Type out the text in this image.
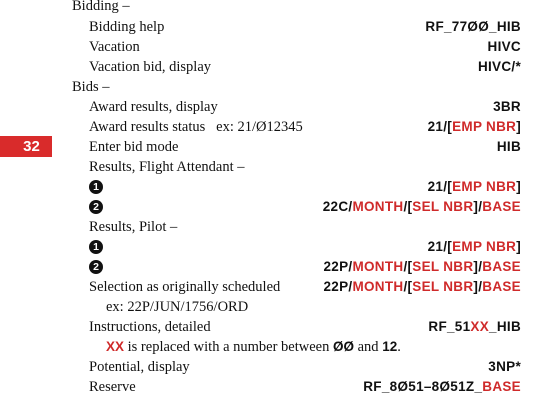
32
Bidding –
Bidding help	RF_77ØØ_HIB
Vacation	HIVC
Vacation bid, display	HIVC/*
Bids –
Award results, display	3BR
Award results status   ex: 21/Ø12345	21/[EMP NBR]
Enter bid mode	HIB
Results, Flight Attendant –
1	21/[EMP NBR]
2	22C/MONTH/[SEL NBR]/BASE
Results, Pilot –
1	21/[EMP NBR]
2	22P/MONTH/[SEL NBR]/BASE
Selection as originally scheduled	22P/MONTH/[SEL NBR]/BASE
ex: 22P/JUN/1756/ORD
Instructions, detailed	RF_51XX_HIB
XX is replaced with a number between ØØ and 12.
Potential, display	3NP*
Reserve	RF_8Ø51–8Ø51Z_BASE
